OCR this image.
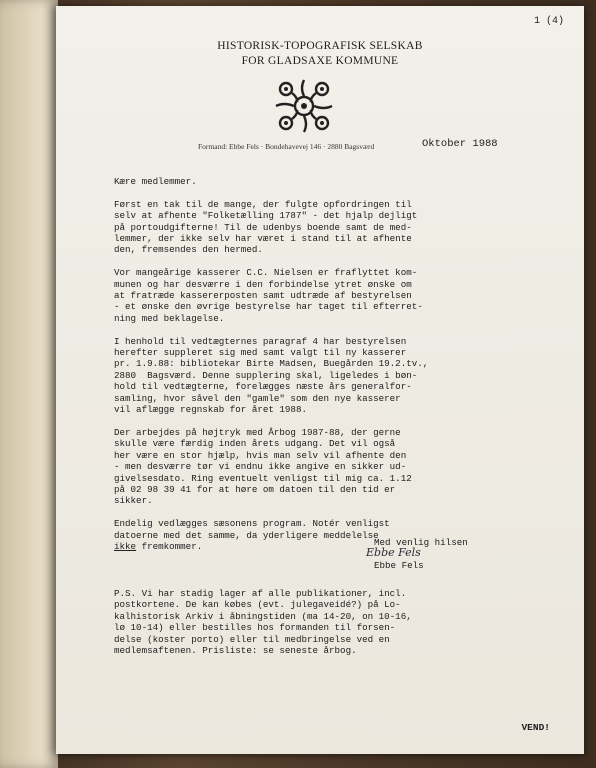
1 (4)
HISTORISK-TOPOGRAFISK SELSKAB
FOR GLADSAXE KOMMUNE
Formand: Ebbe Fels · Bondehavevej 146 · 2880 Bagsværd	Oktober 1988
Kære medlemmer.
Først en tak til de mange, der fulgte opfordringen til
selv at afhente "Folketælling 1787" - det hjalp dejligt
på portoudgifterne! Til de udenbys boende samt de med-
lemmer, der ikke selv har været i stand til at afhente
den, fremsendes den hermed.
Vor mangeårige kasserer C.C. Nielsen er fraflyttet kom-
munen og har desværre i den forbindelse ytret ønske om
at fratræde kassererposten samt udtræde af bestyrelsen
- et ønske den øvrige bestyrelse har taget til efterret-
ning med beklagelse.
I henhold til vedtægternes paragraf 4 har bestyrelsen
herefter suppleret sig med samt valgt til ny kasserer
pr. 1.9.88: bibliotekar Birte Madsen, Buegården 19.2.tv.,
2880  Bagsværd. Denne supplering skal, ligeledes i bøn-
hold til vedtægterne, forelægges næste års generalfor-
samling, hvor såvel den "gamle" som den nye kasserer
vil aflægge regnskab for året 1988.
Der arbejdes på højtryk med Årbog 1987-88, der gerne
skulle være færdig inden årets udgang. Det vil også
her være en stor hjælp, hvis man selv vil afhente den
- men desværre tør vi endnu ikke angive en sikker ud-
givelsesdato. Ring eventuelt venligst til mig ca. 1.12
på 02 98 39 41 for at høre om datoen til den tid er
sikker.
Endelig vedlægges sæsonens program. Notér venligst
datoerne med det samme, da yderligere meddelelse
ikke fremkommer.	Med venlig hilsen

Ebbe Fels
Ebbe Fels
P.S. Vi har stadig lager af alle publikationer, incl.
postkortene. De kan købes (evt. julegaveidé?) på Lo-
kalhistorisk Arkiv i åbningstiden (ma 14-20, on 10-16,
lø 10-14) eller bestilles hos formanden til forsen-
delse (koster porto) eller til medbringelse ved en
medlemsaftenen. Prisliste: se seneste årbog.
VEND!
